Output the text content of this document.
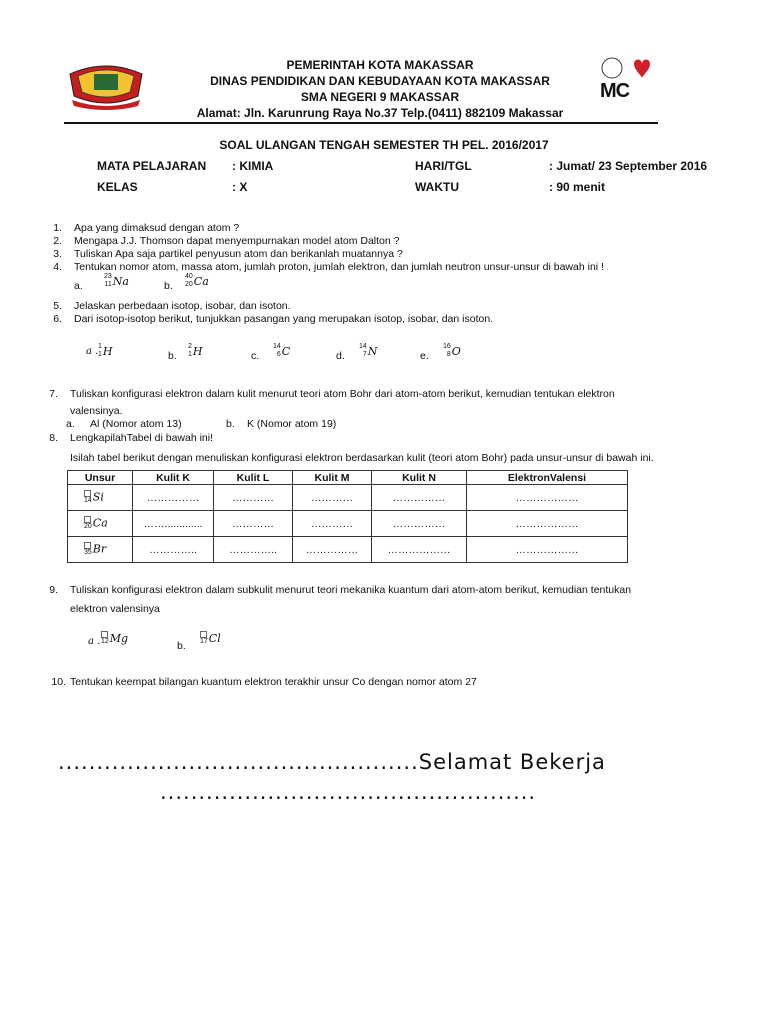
MC
PEMERINTAH KOTA MAKASSAR
DINAS PENDIDIKAN DAN KEBUDAYAAN KOTA MAKASSAR
SMA NEGERI 9 MAKASSAR
Alamat: Jln. Karunrung Raya No.37 Telp.(0411) 882109 Makassar
SOAL ULANGAN TENGAH SEMESTER TH PEL. 2016/2017
MATA PELAJARAN : KIMIA	HARI/TGL	: Jumat/ 23 September 2016
KELAS	: X	WAKTU	: 90 menit
1. Apa yang dimaksud dengan atom ?
2. Mengapa J.J. Thomson dapat menyempurnakan model atom Dalton ?
3. Tuliskan Apa saja partikel penyusun atom dan berikanlah muatannya ?
4. Tentukan nomor atom, massa atom, jumlah proton, jumlah elektron, dan jumlah neutron unsur-unsur di bawah ini !
a.
23
11 Na	b.
40
20 Ca
5. Jelaskan perbedaan isotop, isobar, dan isoton.
6. Dari isotop-isotop berikut, tunjukkan pasangan yang merupakan isotop, isobar, dan isoton.
a . 1
1 H	b.
2
1 H	c.
14
6 C	d.
14
7 N	e.
16
8 O
7. Tuliskan konfigurasi elektron dalam kulit menurut teori atom Bohr dari atom-atom berikut, kemudian tentukan elektron
valensinya.
a. Al (Nomor atom 13)	b. K (Nomor atom 19)
8. LengkapilahTabel di bawah ini!
Isilah tabel berikut dengan menuliskan konfigurasi elektron berdasarkan kulit (teori atom Bohr) pada unsur-unsur di bawah ini.
Unsur	Kulit K	Kulit L	Kulit M	Kulit N	ElektronValensi

14 Si	……………	…………	…………	……………	………………

20 Ca	…….............	…………	…………	……………	………………

35 Br	…………..	…………..	……………	………………	………………
9. Tuliskan konfigurasi elektron dalam subkulit menurut teori mekanika kuantum dari atom-atom berikut, kemudian tentukan
elektron valensinya
a . 12 Mg
b. 17 Cl
10. Tentukan keempat bilangan kuantum elektron terakhir unsur Co dengan nomor atom 27
...............................................Selamat Bekerja
.................................................
